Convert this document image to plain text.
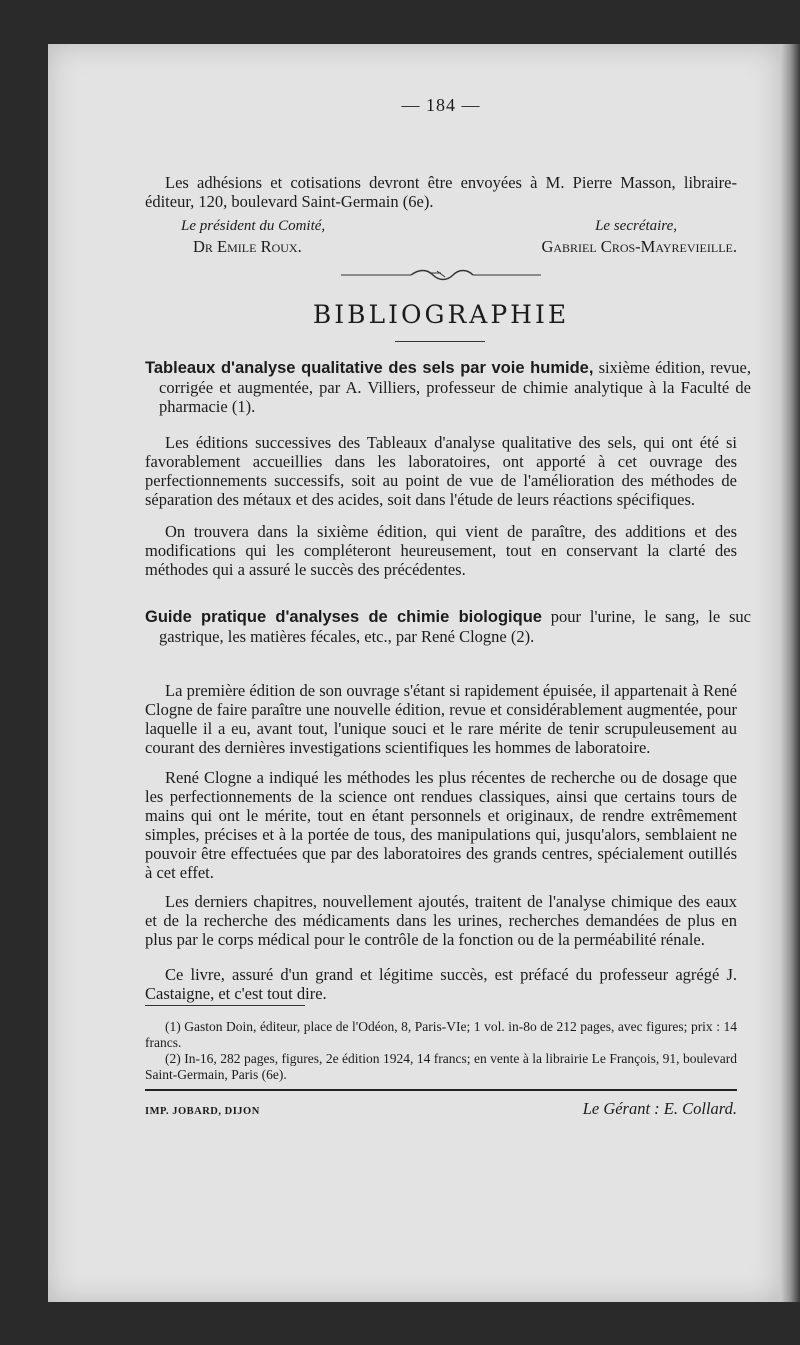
— 184 —
Les adhésions et cotisations devront être envoyées à M. Pierre Masson, libraire-éditeur, 120, boulevard Saint-Germain (6e).
Le président du Comité,	Le secrétaire,
Dr Emile Roux.	Gabriel Cros-Mayrevieille.
BIBLIOGRAPHIE
Tableaux d'analyse qualitative des sels par voie humide, sixième édition, revue, corrigée et augmentée, par A. Villiers, professeur de chimie analytique à la Faculté de pharmacie (1).
Les éditions successives des Tableaux d'analyse qualitative des sels, qui ont été si favorablement accueillies dans les laboratoires, ont apporté à cet ouvrage des perfectionnements successifs, soit au point de vue de l'amélioration des méthodes de séparation des métaux et des acides, soit dans l'étude de leurs réactions spécifiques.
On trouvera dans la sixième édition, qui vient de paraître, des additions et des modifications qui les compléteront heureusement, tout en conservant la clarté des méthodes qui a assuré le succès des précédentes.
Guide pratique d'analyses de chimie biologique pour l'urine, le sang, le suc gastrique, les matières fécales, etc., par René Clogne (2).
La première édition de son ouvrage s'étant si rapidement épuisée, il appartenait à René Clogne de faire paraître une nouvelle édition, revue et considérablement augmentée, pour laquelle il a eu, avant tout, l'unique souci et le rare mérite de tenir scrupuleusement au courant des dernières investigations scientifiques les hommes de laboratoire.
René Clogne a indiqué les méthodes les plus récentes de recherche ou de dosage que les perfectionnements de la science ont rendues classiques, ainsi que certains tours de mains qui ont le mérite, tout en étant personnels et originaux, de rendre extrêmement simples, précises et à la portée de tous, des manipulations qui, jusqu'alors, semblaient ne pouvoir être effectuées que par des laboratoires des grands centres, spécialement outillés à cet effet.
Les derniers chapitres, nouvellement ajoutés, traitent de l'analyse chimique des eaux et de la recherche des médicaments dans les urines, recherches demandées de plus en plus par le corps médical pour le contrôle de la fonction ou de la perméabilité rénale.
Ce livre, assuré d'un grand et légitime succès, est préfacé du professeur agrégé J. Castaigne, et c'est tout dire.
(1) Gaston Doin, éditeur, place de l'Odéon, 8, Paris-VIe; 1 vol. in-8o de 212 pages, avec figures; prix : 14 francs.
(2) In-16, 282 pages, figures, 2e édition 1924, 14 francs; en vente à la librairie Le François, 91, boulevard Saint-Germain, Paris (6e).
IMP. JOBARD, DIJON	Le Gérant : E. Collard.
